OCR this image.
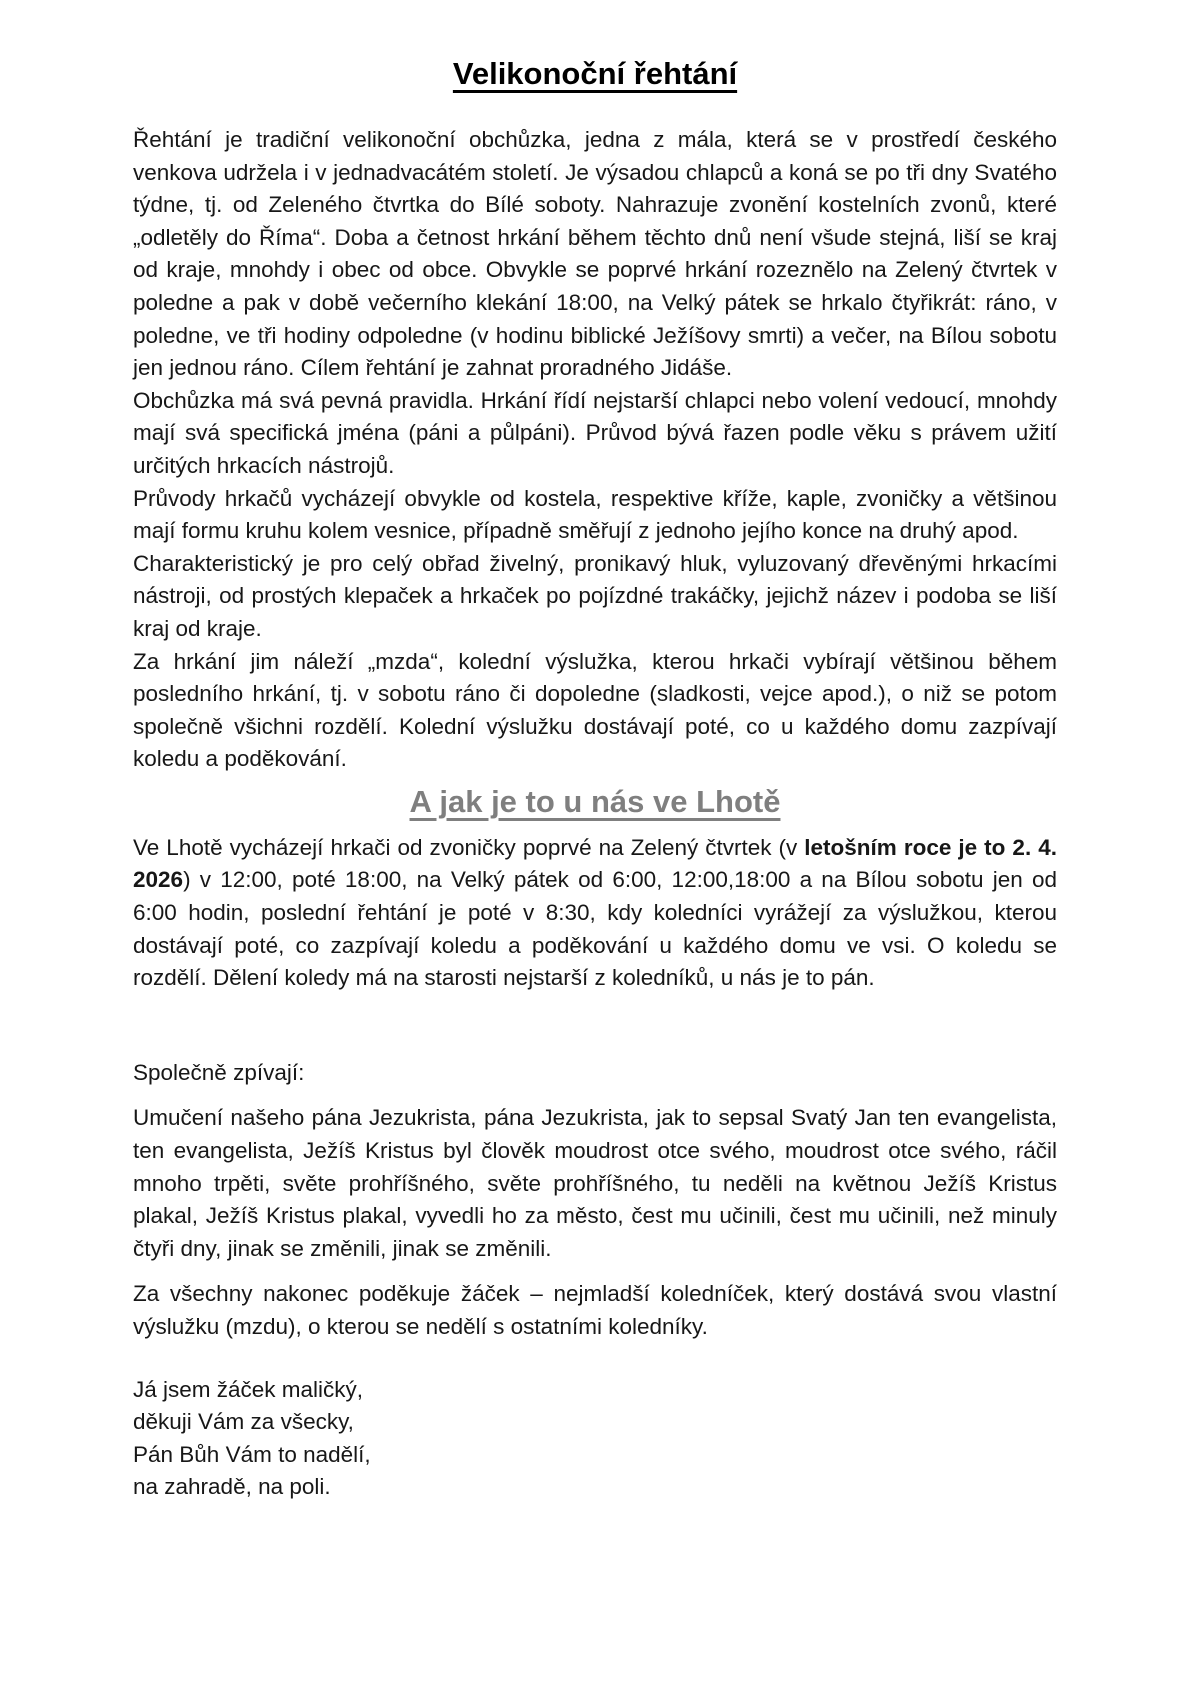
Velikonoční řehtání

Řehtání je tradiční velikonoční obchůzka, jedna z mála, která se v prostředí českého venkova udržela i v jednadvacátém století. Je výsadou chlapců a koná se po tři dny Svatého týdne, tj. od Zeleného čtvrtka do Bílé soboty. Nahrazuje zvonění kostelních zvonů, které „odletěly do Říma“. Doba a četnost hrkání během těchto dnů není všude stejná, liší se kraj od kraje, mnohdy i obec od obce. Obvykle se poprvé hrkání rozeznělo na Zelený čtvrtek v poledne a pak v době večerního klekání 18:00, na Velký pátek se hrkalo čtyřikrát: ráno, v poledne, ve tři hodiny odpoledne (v hodinu biblické Ježíšovy smrti) a večer, na Bílou sobotu jen jednou ráno. Cílem řehtání je zahnat proradného Jidáše.

Obchůzka má svá pevná pravidla. Hrkání řídí nejstarší chlapci nebo volení vedoucí, mnohdy mají svá specifická jména (páni a půlpáni). Průvod bývá řazen podle věku s právem užití určitých hrkacích nástrojů.

Průvody hrkačů vycházejí obvykle od kostela, respektive kříže, kaple, zvoničky a většinou mají formu kruhu kolem vesnice, případně směřují z jednoho jejího konce na druhý apod.

Charakteristický je pro celý obřad živelný, pronikavý hluk, vyluzovaný dřevěnými hrkacími nástroji, od prostých klepaček a hrkaček po pojízdné trakáčky, jejichž název i podoba se liší kraj od kraje.

Za hrkání jim náleží „mzda“, kolední výslužka, kterou hrkači vybírají většinou během posledního hrkání, tj. v sobotu ráno či dopoledne (sladkosti, vejce apod.), o niž se potom společně všichni rozdělí. Kolední výslužku dostávají poté, co u každého domu zazpívají koledu a poděkování.

A jak je to u nás ve Lhotě

Ve Lhotě vycházejí hrkači od zvoničky poprvé na Zelený čtvrtek (v letošním roce je to 2. 4. 2026) v 12:00, poté 18:00, na Velký pátek od 6:00, 12:00,18:00 a na Bílou sobotu jen od 6:00 hodin, poslední řehtání je poté v 8:30, kdy koledníci vyrážejí za výslužkou, kterou dostávají poté, co zazpívají koledu a poděkování u každého domu ve vsi. O koledu se rozdělí. Dělení koledy má na starosti nejstarší z koledníků, u nás je to pán.

Společně zpívají:

Umučení našeho pána Jezukrista, pána Jezukrista, jak to sepsal Svatý Jan ten evangelista, ten evangelista, Ježíš Kristus byl člověk moudrost otce svého, moudrost otce svého, ráčil mnoho trpěti, světe prohříšného, světe prohříšného, tu neděli na květnou Ježíš Kristus plakal, Ježíš Kristus plakal, vyvedli ho za město, čest mu učinili, čest mu učinili, než minuly čtyři dny, jinak se změnili, jinak se změnili.

Za všechny nakonec poděkuje žáček – nejmladší koledníček, který dostává svou vlastní výslužku (mzdu), o kterou se nedělí s ostatními koledníky.

Já jsem žáček maličký,
děkuji Vám za všecky,
Pán Bůh Vám to nadělí,
na zahradě, na poli.
